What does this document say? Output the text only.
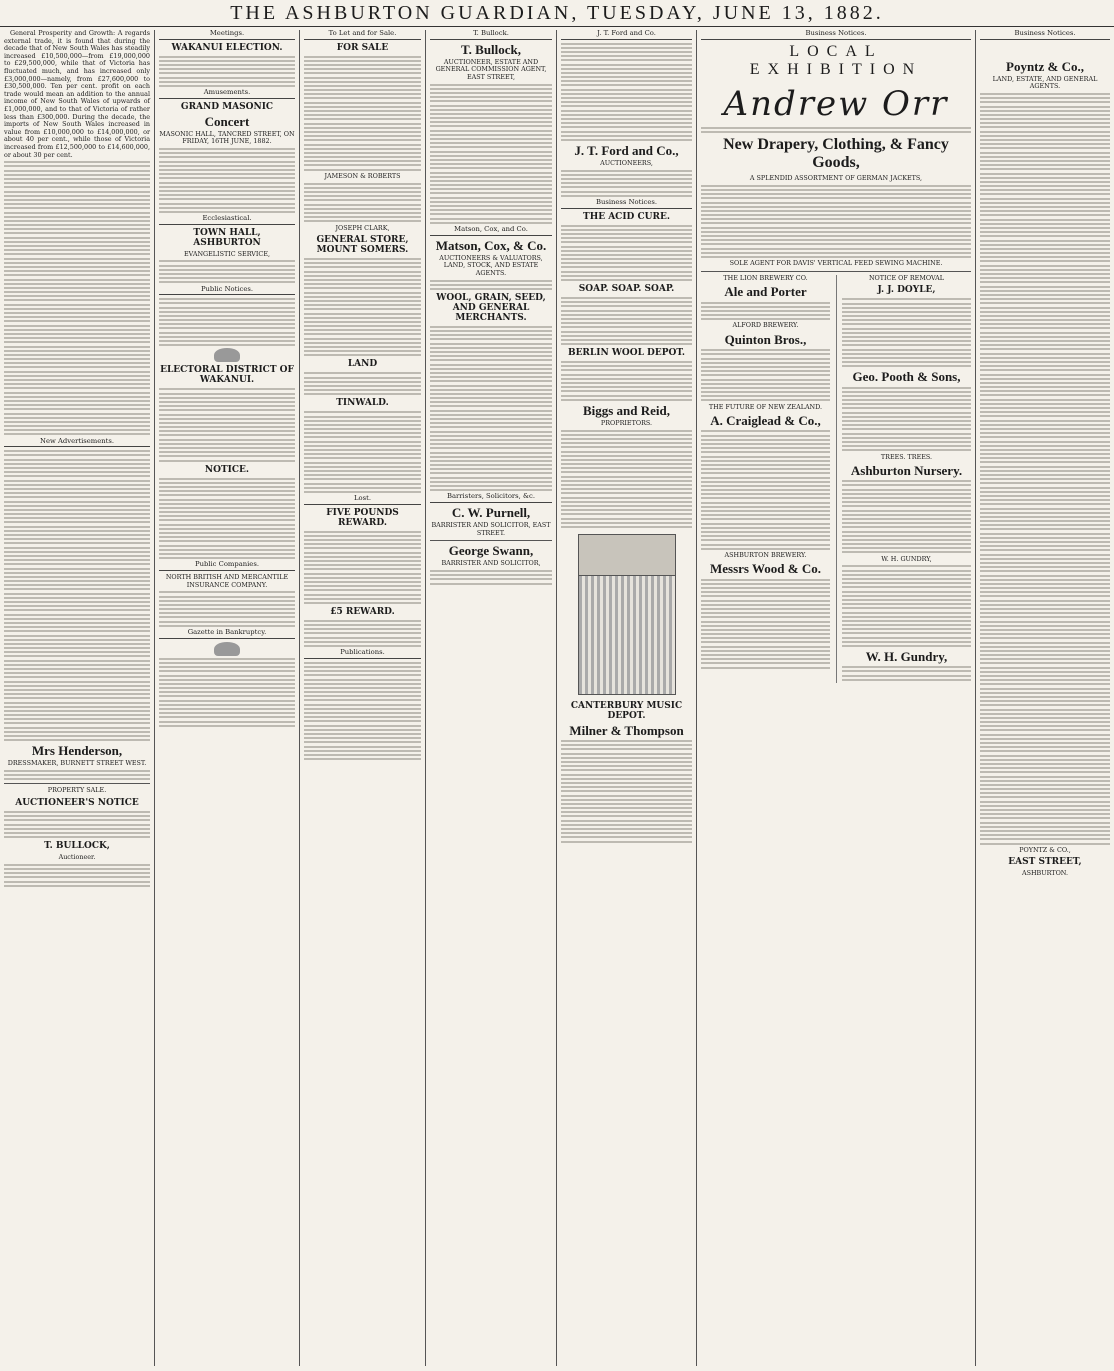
THE ASHBURTON GUARDIAN, TUESDAY, JUNE 13, 1882.

General Prosperity and Growth: A regards external trade, it is found that during the decade that of New South Wales has steadily increased £10,500,000—from £19,000,000 to £29,500,000, while that of Victoria has fluctuated much, and has increased only £3,000,000—namely, from £27,600,000 to £30,500,000. Ten per cent. profit on each trade would mean an addition to the annual income of New South Wales of upwards of £1,000,000, and to that of Victoria of rather less than £300,000. During the decade, the imports of New South Wales increased in value from £10,000,000 to £14,000,000, or about 40 per cent., while those of Victoria increased from £12,500,000 to £14,600,000, or about 30 per cent.

New Advertisements.
Mrs Henderson,
DRESSMAKER, BURNETT STREET WEST.
PROPERTY SALE.
AUCTIONEER'S NOTICE
T. BULLOCK,
Auctioneer.
Meetings.
WAKANUI ELECTION.
Amusements.
GRAND MASONIC
Concert
MASONIC HALL, TANCRED STREET, ON FRIDAY, 16TH JUNE, 1882.
Ecclesiastical.
TOWN HALL, ASHBURTON
EVANGELISTIC SERVICE,
Public Notices.
ELECTORAL DISTRICT OF WAKANUI.
NOTICE.
Public Companies.
NORTH BRITISH AND MERCANTILE INSURANCE COMPANY.
Gazette in Bankruptcy.
To Let and for Sale.
FOR SALE
JAMESON & ROBERTS
JOSEPH CLARK,
GENERAL STORE, MOUNT SOMERS.
LAND
TINWALD.
Lost.
FIVE POUNDS REWARD.
£5 REWARD.
Publications.
T. Bullock.
T. Bullock,
AUCTIONEER, ESTATE AND GENERAL COMMISSION AGENT, EAST STREET,
Matson, Cox, and Co.
Matson, Cox, & Co.
AUCTIONEERS & VALUATORS, LAND, STOCK, AND ESTATE AGENTS.
WOOL, GRAIN, SEED, AND GENERAL MERCHANTS.
Barristers, Solicitors, &c.
C. W. Purnell,
BARRISTER AND SOLICITOR, EAST STREET.
George Swann,
BARRISTER AND SOLICITOR,
J. T. Ford and Co.
J. T. Ford and Co.,
AUCTIONEERS,
Business Notices.
THE ACID CURE.
SOAP. SOAP. SOAP.
BERLIN WOOL DEPOT.
Biggs and Reid,
PROPRIETORS.
CANTERBURY MUSIC DEPOT.
Milner & Thompson
Business Notices.
LOCAL EXHIBITION
Andrew Orr
New Drapery, Clothing, & Fancy Goods,
A SPLENDID ASSORTMENT OF GERMAN JACKETS,
SOLE AGENT FOR DAVIS' VERTICAL FEED SEWING MACHINE.
THE LION BREWERY CO.
Ale and Porter
ALFORD BREWERY.
Quinton Bros.,
THE FUTURE OF NEW ZEALAND.
A. Craiglead & Co.,
ASHBURTON BREWERY.
Messrs Wood & Co.
NOTICE OF REMOVAL
J. J. DOYLE,
Geo. Pooth & Sons,
TREES. TREES.
Ashburton Nursery.
W. H. GUNDRY,
W. H. Gundry,
Business Notices.
Poyntz & Co.,
LAND, ESTATE, AND GENERAL AGENTS.
POYNTZ & CO.,
EAST STREET,
ASHBURTON.
